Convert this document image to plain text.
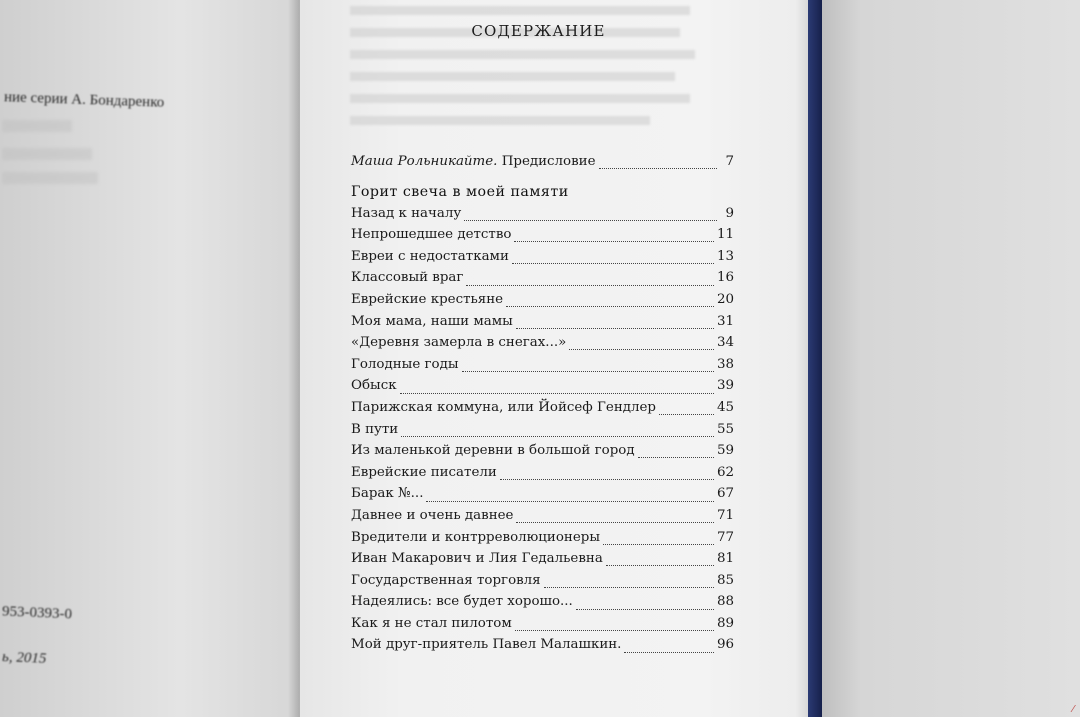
ние серии А. Бондаренко
953-0393-0
ь, 2015
СОДЕРЖАНИЕ
Маша Рольникайте. Предисловие	7
Горит свеча в моей памяти
Назад к началу	9
Непрошедшее детство	11
Евреи с недостатками	13
Классовый враг	16
Еврейские крестьяне	20
Моя мама, наши мамы	31
«Деревня замерла в снегах...»	34
Голодные годы	38
Обыск	39
Парижская коммуна, или Йойсеф Гендлер	45
В пути	55
Из маленькой деревни в большой город	59
Еврейские писатели	62
Барак №...	67
Давнее и очень давнее	71
Вредители и контрреволюционеры	77
Иван Макарович и Лия Гедальевна	81
Государственная торговля	85
Надеялись: все будет хорошо...	88
Как я не стал пилотом	89
Мой друг-приятель Павел Малашкин.	96
⁄
